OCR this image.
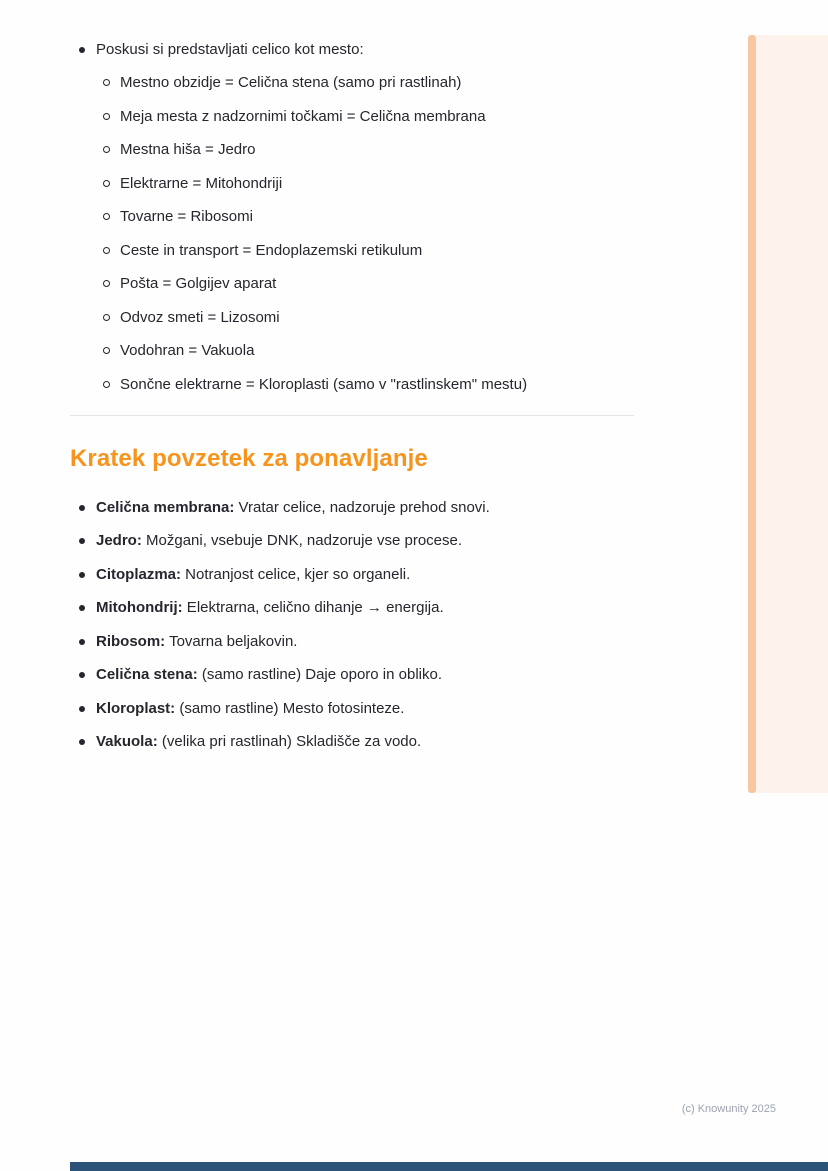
Poskusi si predstavljati celico kot mesto:
Mestno obzidje = Celična stena (samo pri rastlinah)
Meja mesta z nadzornimi točkami = Celična membrana
Mestna hiša = Jedro
Elektrarne = Mitohondriji
Tovarne = Ribosomi
Ceste in transport = Endoplazemski retikulum
Pošta = Golgijev aparat
Odvoz smeti = Lizosomi
Vodohran = Vakuola
Sončne elektrarne = Kloroplasti (samo v "rastlinskem" mestu)
Kratek povzetek za ponavljanje
Celična membrana: Vratar celice, nadzoruje prehod snovi.
Jedro: Možgani, vsebuje DNK, nadzoruje vse procese.
Citoplazma: Notranjost celice, kjer so organeli.
Mitohondrij: Elektrarna, celično dihanje → energija.
Ribosom: Tovarna beljakovin.
Celična stena: (samo rastline) Daje oporo in obliko.
Kloroplast: (samo rastline) Mesto fotosinteze.
Vakuola: (velika pri rastlinah) Skladišče za vodo.
(c) Knowunity 2025
